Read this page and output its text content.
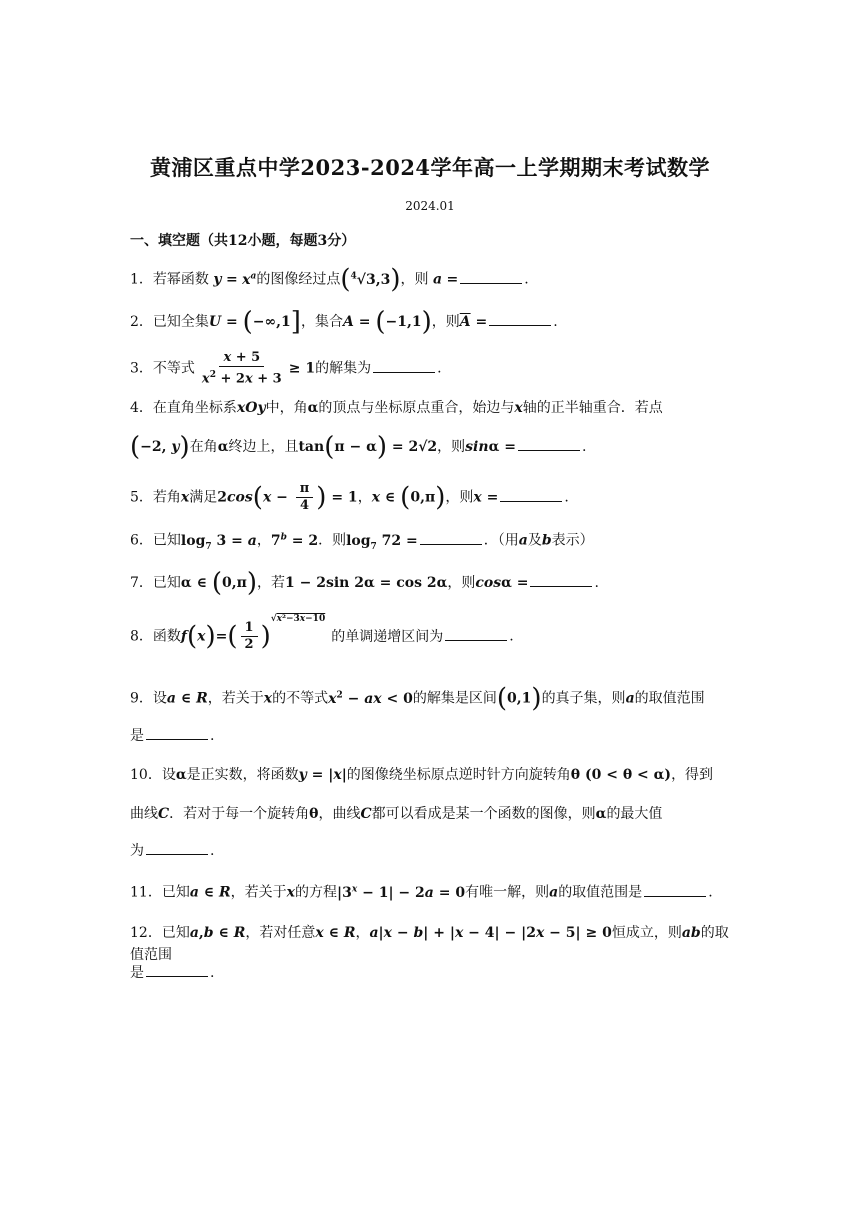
黄浦区重点中学2023-2024学年高一上学期期末考试数学
2024.01
一、填空题（共12小题，每题3分）
1．若幂函数 $y = x^a$的图像经过点($^4$√3,3)，则 a =	.
2．已知全集U = (−∞,1]，集合A = (−1,1)，则$\overline{A}$ =	.
3．不等式 $\frac{x + 5}{x^2 + 2x + 3} \ge 1$的解集为	.
4．在直角坐标系xOy中，角α的顶点与坐标原点重合，始边与x轴的正半轴重合．若点
(−2, y)在角α终边上，且tan(π − α) = 2√2，则sinα =	.
5．若角x满足$2\cos(x - \frac{\pi}{4}$ ) = 1，x ∈ (0,π)，则x =	.
6．已知$\log_7 3 = a$，$7^b = 2$．则$\log_7 72$ =	．（用a及b表示）
7．已知α ∈ (0,π)，若1 − 2sin 2α = cos 2α，则cosα =	.
8．函数$f(x)=( \frac{1}{2} )^{√x^2-3x-10}$的单调递增区间为	.
9．设a ∈ R，若关于x的不等式$x^2$ − ax < 0的解集是区间(0,1)的真子集，则a的取值范围
是	.
10．设α是正实数，将函数y = |x|的图像绕坐标原点逆时针方向旋转角θ (0 < θ < α)，得到
曲线C．若对于每一个旋转角θ，曲线C都可以看成是某一个函数的图像，则α的最大值
为	.
11．已知a ∈ R，若关于x的方程$|3^x - 1| - 2a = 0$有唯一解，则a的取值范围是	.
12．已知a,b ∈ R，若对任意x ∈ R，a|x − b| + |x − 4| − |2x − 5| ≥ 0恒成立，则ab的取值范围
是	.
